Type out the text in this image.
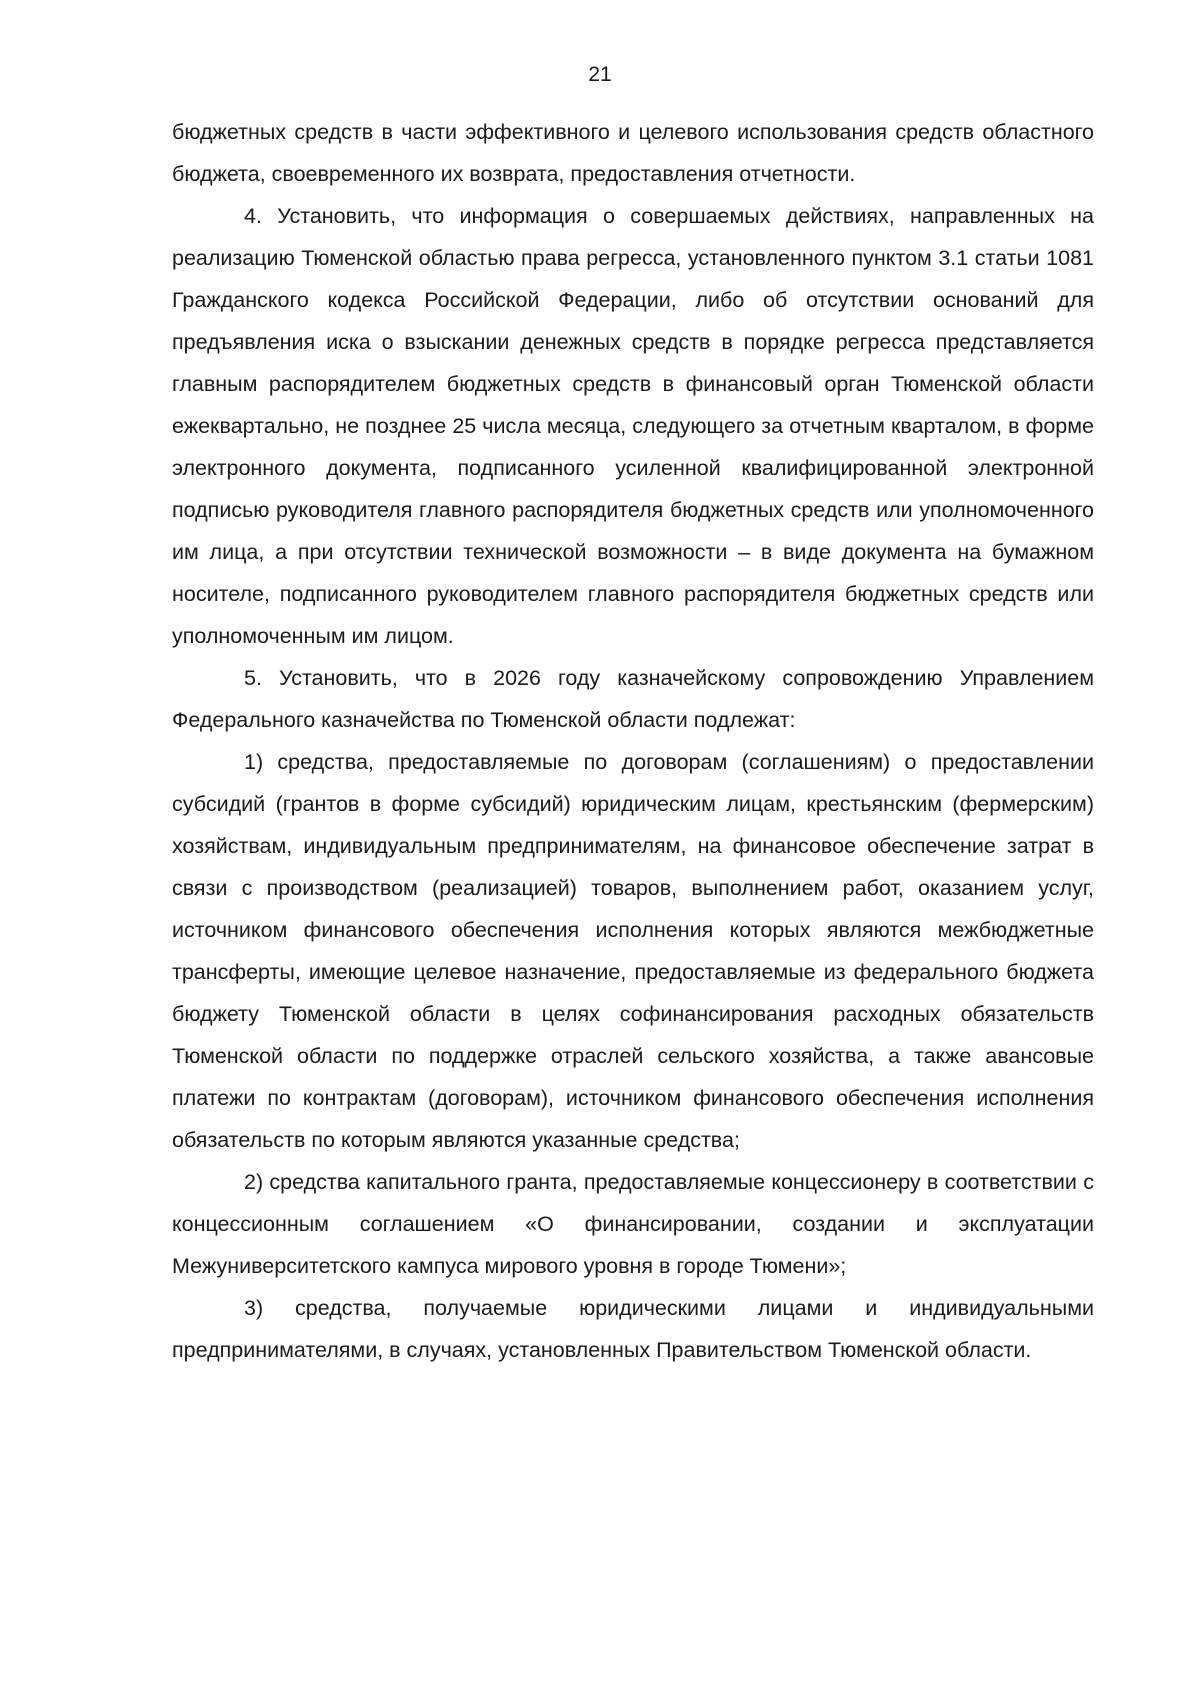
21

бюджетных средств в части эффективного и целевого использования средств областного бюджета, своевременного их возврата, предоставления отчетности.

4. Установить, что информация о совершаемых действиях, направленных на реализацию Тюменской областью права регресса, установленного пунктом 3.1 статьи 1081 Гражданского кодекса Российской Федерации, либо об отсутствии оснований для предъявления иска о взыскании денежных средств в порядке регресса представляется главным распорядителем бюджетных средств в финансовый орган Тюменской области ежеквартально, не позднее 25 числа месяца, следующего за отчетным кварталом, в форме электронного документа, подписанного усиленной квалифицированной электронной подписью руководителя главного распорядителя бюджетных средств или уполномоченного им лица, а при отсутствии технической возможности – в виде документа на бумажном носителе, подписанного руководителем главного распорядителя бюджетных средств или уполномоченным им лицом.

5. Установить, что в 2026 году казначейскому сопровождению Управлением Федерального казначейства по Тюменской области подлежат:

1) средства, предоставляемые по договорам (соглашениям) о предоставлении субсидий (грантов в форме субсидий) юридическим лицам, крестьянским (фермерским) хозяйствам, индивидуальным предпринимателям, на финансовое обеспечение затрат в связи с производством (реализацией) товаров, выполнением работ, оказанием услуг, источником финансового обеспечения исполнения которых являются межбюджетные трансферты, имеющие целевое назначение, предоставляемые из федерального бюджета бюджету Тюменской области в целях софинансирования расходных обязательств Тюменской области по поддержке отраслей сельского хозяйства, а также авансовые платежи по контрактам (договорам), источником финансового обеспечения исполнения обязательств по которым являются указанные средства;

2) средства капитального гранта, предоставляемые концессионеру в соответствии с концессионным соглашением «О финансировании, создании и эксплуатации Межуниверситетского кампуса мирового уровня в городе Тюмени»;

3) средства, получаемые юридическими лицами и индивидуальными предпринимателями, в случаях, установленных Правительством Тюменской области.
